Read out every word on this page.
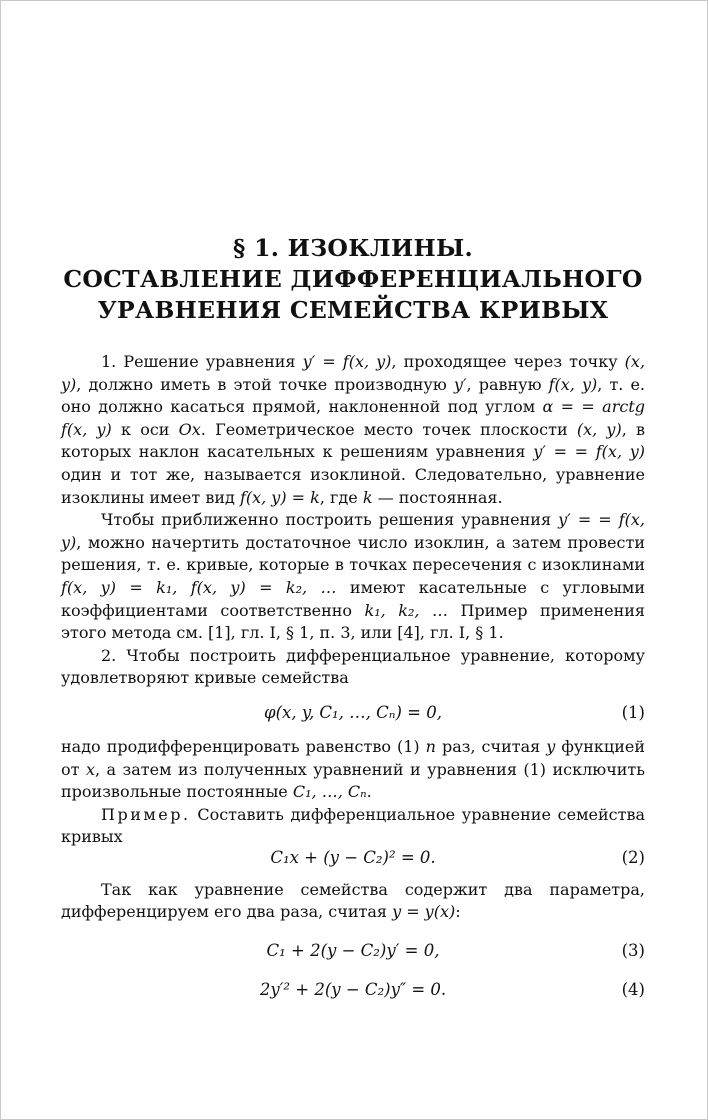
§ 1. ИЗОКЛИНЫ.
СОСТАВЛЕНИЕ ДИФФЕРЕНЦИАЛЬНОГО
УРАВНЕНИЯ СЕМЕЙСТВА КРИВЫХ

1. Решение уравнения y′ = f(x, y), проходящее через точку (x, y), должно иметь в этой точке производную y′, равную f(x, y), т. е. оно должно касаться прямой, наклоненной под углом α = = arctg f(x, y) к оси Ox. Геометрическое место точек плоскости (x, y), в которых наклон касательных к решениям уравнения y′ = = f(x, y) один и тот же, называется изоклиной. Следовательно, уравнение изоклины имеет вид f(x, y) = k, где k — постоянная.

Чтобы приближенно построить решения уравнения y′ = = f(x, y), можно начертить достаточное число изоклин, а затем провести решения, т. е. кривые, которые в точках пересечения с изоклинами f(x, y) = k₁, f(x, y) = k₂, … имеют касательные с угловыми коэффициентами соответственно k₁, k₂, … Пример применения этого метода см. [1], гл. I, § 1, п. 3, или [4], гл. I, § 1.

2. Чтобы построить дифференциальное уравнение, которому удовлетворяют кривые семейства

φ(x, y, C₁, …, Cₙ) = 0,	(1)

надо продифференцировать равенство (1) n раз, считая y функцией от x, а затем из полученных уравнений и уравнения (1) исключить произвольные постоянные C₁, …, Cₙ.

Пример. Составить дифференциальное уравнение семейства кривых

C₁x + (y − C₂)² = 0.	(2)

Так как уравнение семейства содержит два параметра, дифференцируем его два раза, считая y = y(x):

C₁ + 2(y − C₂)y′ = 0,	(3)
2y′² + 2(y − C₂)y″ = 0.	(4)
